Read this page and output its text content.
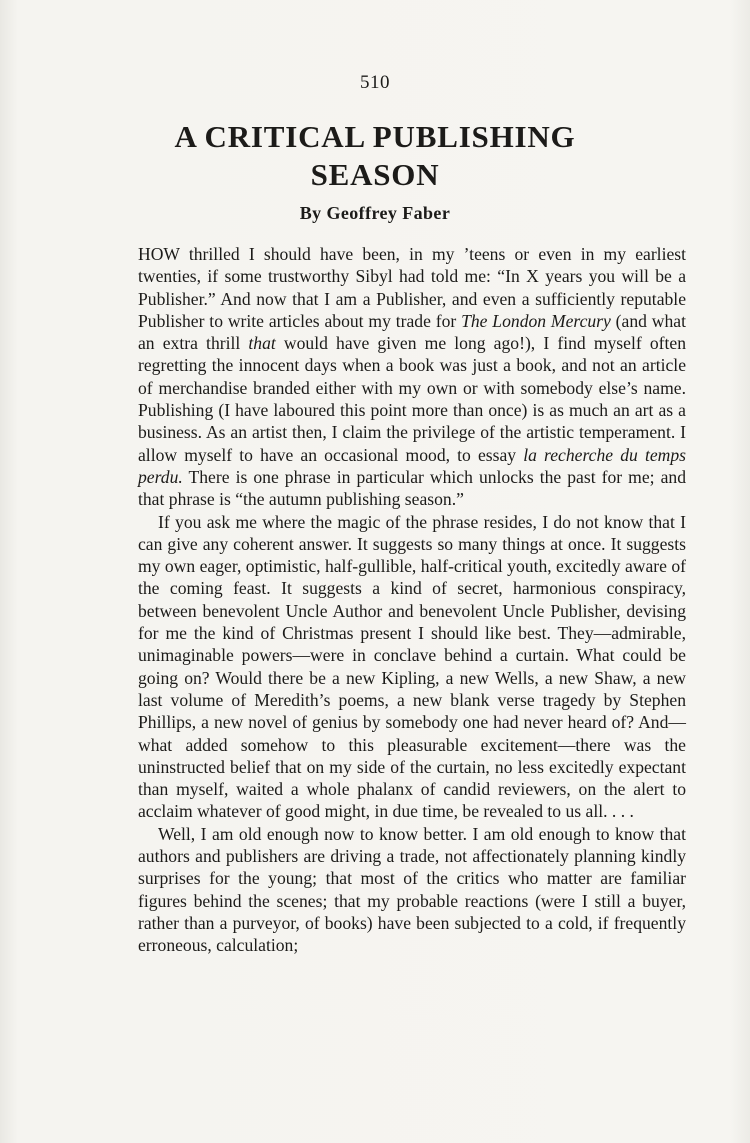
510
A CRITICAL PUBLISHING SEASON
By Geoffrey Faber

HOW thrilled I should have been, in my ’teens or even in my earliest twenties, if some trustworthy Sibyl had told me: “In X years you will be a Publisher.” And now that I am a Publisher, and even a sufficiently reputable Publisher to write articles about my trade for The London Mercury (and what an extra thrill that would have given me long ago!), I find myself often regretting the innocent days when a book was just a book, and not an article of merchandise branded either with my own or with somebody else’s name. Publishing (I have laboured this point more than once) is as much an art as a business. As an artist then, I claim the privilege of the artistic temperament. I allow myself to have an occasional mood, to essay la recherche du temps perdu. There is one phrase in particular which unlocks the past for me; and that phrase is “the autumn publishing season.”

If you ask me where the magic of the phrase resides, I do not know that I can give any coherent answer. It suggests so many things at once. It suggests my own eager, optimistic, half-gullible, half-critical youth, excitedly aware of the coming feast. It suggests a kind of secret, harmonious conspiracy, between benevolent Uncle Author and benevolent Uncle Publisher, devising for me the kind of Christmas present I should like best. They—admirable, unimaginable powers—were in conclave behind a curtain. What could be going on? Would there be a new Kipling, a new Wells, a new Shaw, a new last volume of Meredith’s poems, a new blank verse tragedy by Stephen Phillips, a new novel of genius by somebody one had never heard of? And—what added somehow to this pleasurable excitement—there was the uninstructed belief that on my side of the curtain, no less excitedly expectant than myself, waited a whole phalanx of candid reviewers, on the alert to acclaim whatever of good might, in due time, be revealed to us all. . . .

Well, I am old enough now to know better. I am old enough to know that authors and publishers are driving a trade, not affectionately planning kindly surprises for the young; that most of the critics who matter are familiar figures behind the scenes; that my probable reactions (were I still a buyer, rather than a purveyor, of books) have been subjected to a cold, if frequently erroneous, calculation;
